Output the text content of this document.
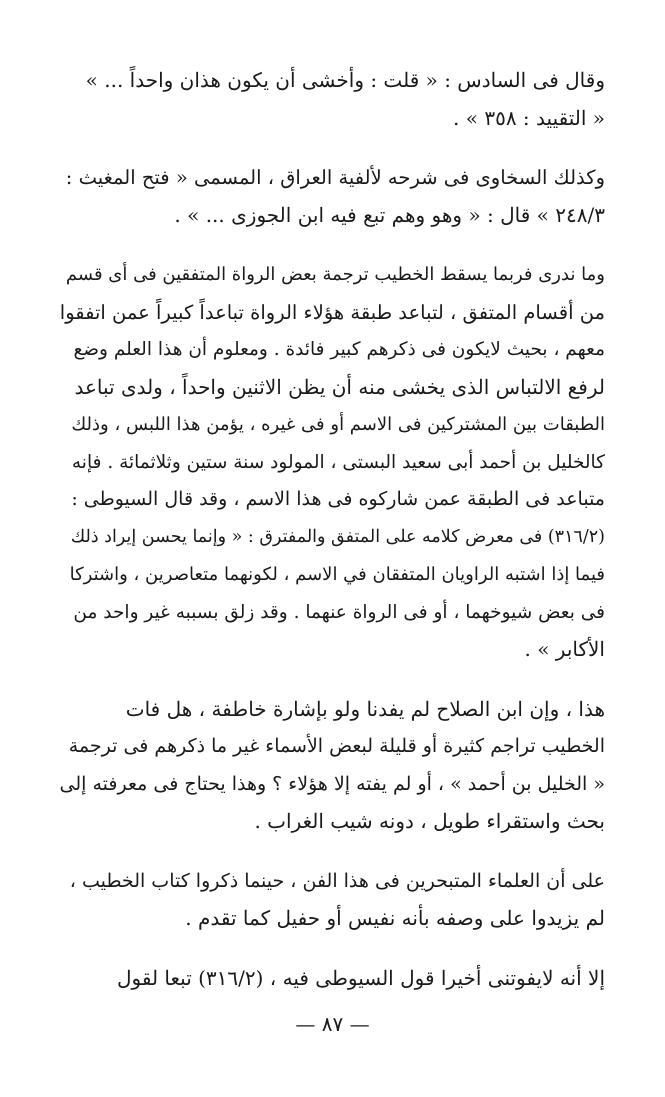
وقال فى السادس : « قلت : وأخشى أن يكون هذان واحداً ... »
« التقييد : ٣٥٨ » .
وكذلك السخاوى فى شرحه لألفية العراق ، المسمى « فتح المغيث :
٢٤٨/٣ » قال : « وهو وهم تبع فيه ابن الجوزى ... » .
وما ندرى فربما يسقط الخطيب ترجمة بعض الرواة المتفقين فى أى قسم
من أقسام المتفق ، لتباعد طبقة هؤلاء الرواة تباعداً كبيراً عمن اتفقوا
معهم ، بحيث لايكون فى ذكرهم كبير فائدة . ومعلوم أن هذا العلم وضع
لرفع الالتباس الذى يخشى منه أن يظن الاثنين واحداً ، ولدى تباعد
الطبقات بين المشتركين فى الاسم أو فى غيره ، يؤمن هذا اللبس ، وذلك
كالخليل بن أحمد أبى سعيد البستى ، المولود سنة ستين وثلاثمائة . فإنه
متباعد فى الطبقة عمن شاركوه فى هذا الاسم ، وقد قال السيوطى :
(٣١٦/٢) فى معرض كلامه على المتفق والمفترق : « وإنما يحسن إيراد ذلك
فيما إذا اشتبه الراويان المتفقان في الاسم ، لكونهما متعاصرين ، واشتركا
فى بعض شيوخهما ، أو فى الرواة عنهما . وقد زلق بسببه غير واحد من
الأكابر » .
هذا ، وإن ابن الصلاح لم يفدنا ولو بإشارة خاطفة ، هل فات
الخطيب تراجم كثيرة أو قليلة لبعض الأسماء غير ما ذكرهم فى ترجمة
« الخليل بن أحمد » ، أو لم يفته إلا هؤلاء ؟ وهذا يحتاج فى معرفته إلى
بحث واستقراء طويل ، دونه شيب الغراب .
على أن العلماء المتبحرين فى هذا الفن ، حينما ذكروا كتاب الخطيب ،
لم يزيدوا على وصفه بأنه نفيس أو حفيل كما تقدم .
إلا أنه لايفوتنى أخيرا قول السيوطى فيه ، (٣١٦/٢) تبعا لقول
— ٨٧ —
